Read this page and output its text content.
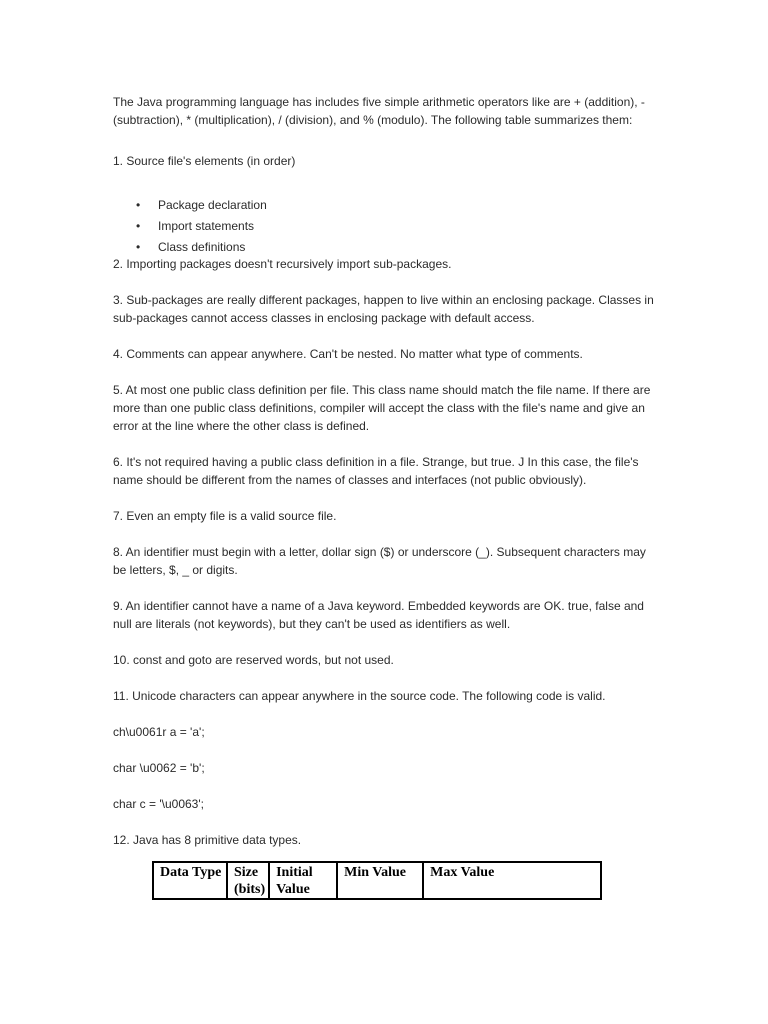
The Java programming language has includes five simple arithmetic operators like are + (addition), - (subtraction), * (multiplication), / (division), and % (modulo). The following table summarizes them:

1. Source file's elements (in order)

• Package declaration
• Import statements
• Class definitions

2. Importing packages doesn't recursively import sub-packages.

3. Sub-packages are really different packages, happen to live within an enclosing package. Classes in sub-packages cannot access classes in enclosing package with default access.

4. Comments can appear anywhere. Can't be nested. No matter what type of comments.

5. At most one public class definition per file. This class name should match the file name. If there are more than one public class definitions, compiler will accept the class with the file's name and give an error at the line where the other class is defined.

6. It's not required having a public class definition in a file. Strange, but true. J In this case, the file's name should be different from the names of classes and interfaces (not public obviously).

7. Even an empty file is a valid source file.

8. An identifier must begin with a letter, dollar sign ($) or underscore (_). Subsequent characters may be letters, $, _ or digits.

9. An identifier cannot have a name of a Java keyword. Embedded keywords are OK. true, false and null are literals (not keywords), but they can't be used as identifiers as well.

10. const and goto are reserved words, but not used.

11. Unicode characters can appear anywhere in the source code. The following code is valid.

ch\u0061r a = 'a';

char \u0062 = 'b';

char c = '\u0063';

12. Java has 8 primitive data types.

Data Type	Size (bits)	Initial Value	Min Value	Max Value
